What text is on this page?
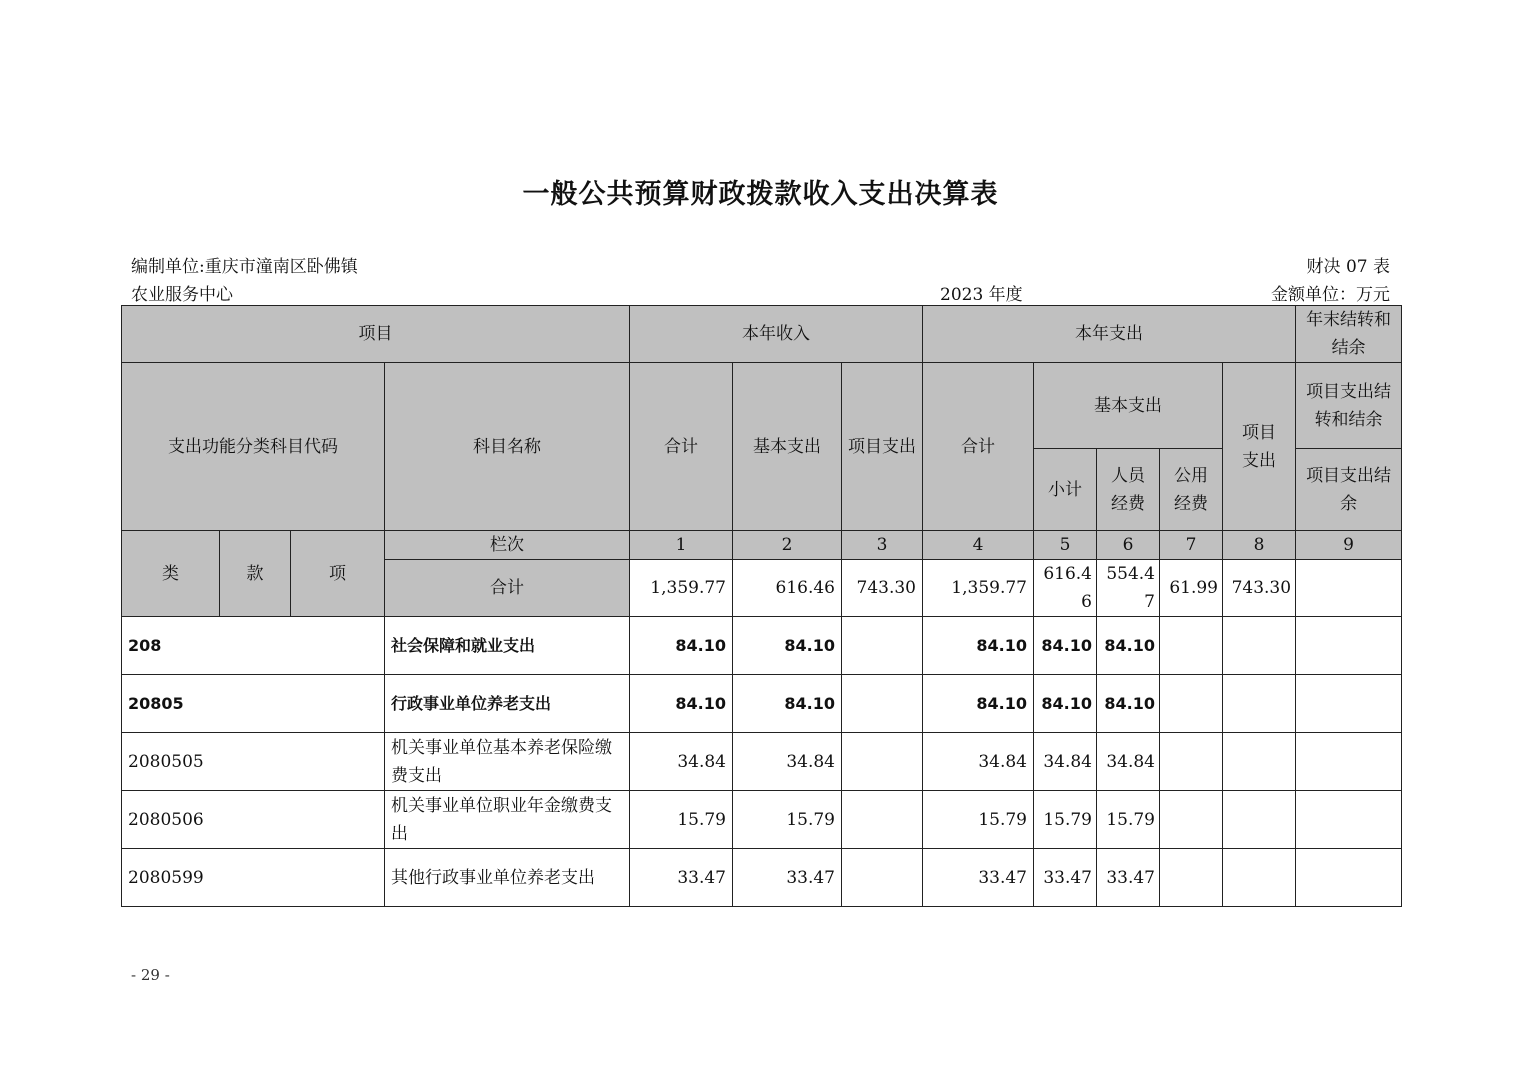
一般公共预算财政拨款收入支出决算表
编制单位:重庆市潼南区卧佛镇
农业服务中心
财决 07 表
2023 年度	金额单位：万元
项目				本年收入			本年支出					年末结转和结余
支出功能分类科目代码			科目名称	合计	基本支出	项目支出	合计	基本支出			项目支出	项目支出结转和结余
								小计	人员经费	公用经费		项目支出结余
类	款	项	栏次	1	2	3	4	5	6	7	8	9
			合计	1,359.77	616.46	743.30	1,359.77	616.46	554.47	61.99	743.30	
208			社会保障和就业支出	84.10	84.10		84.10	84.10	84.10			
20805			行政事业单位养老支出	84.10	84.10		84.10	84.10	84.10			
2080505			机关事业单位基本养老保险缴费支出	34.84	34.84		34.84	34.84	34.84			
2080506			机关事业单位职业年金缴费支出	15.79	15.79		15.79	15.79	15.79			
2080599			其他行政事业单位养老支出	33.47	33.47		33.47	33.47	33.47			
- 29 -
